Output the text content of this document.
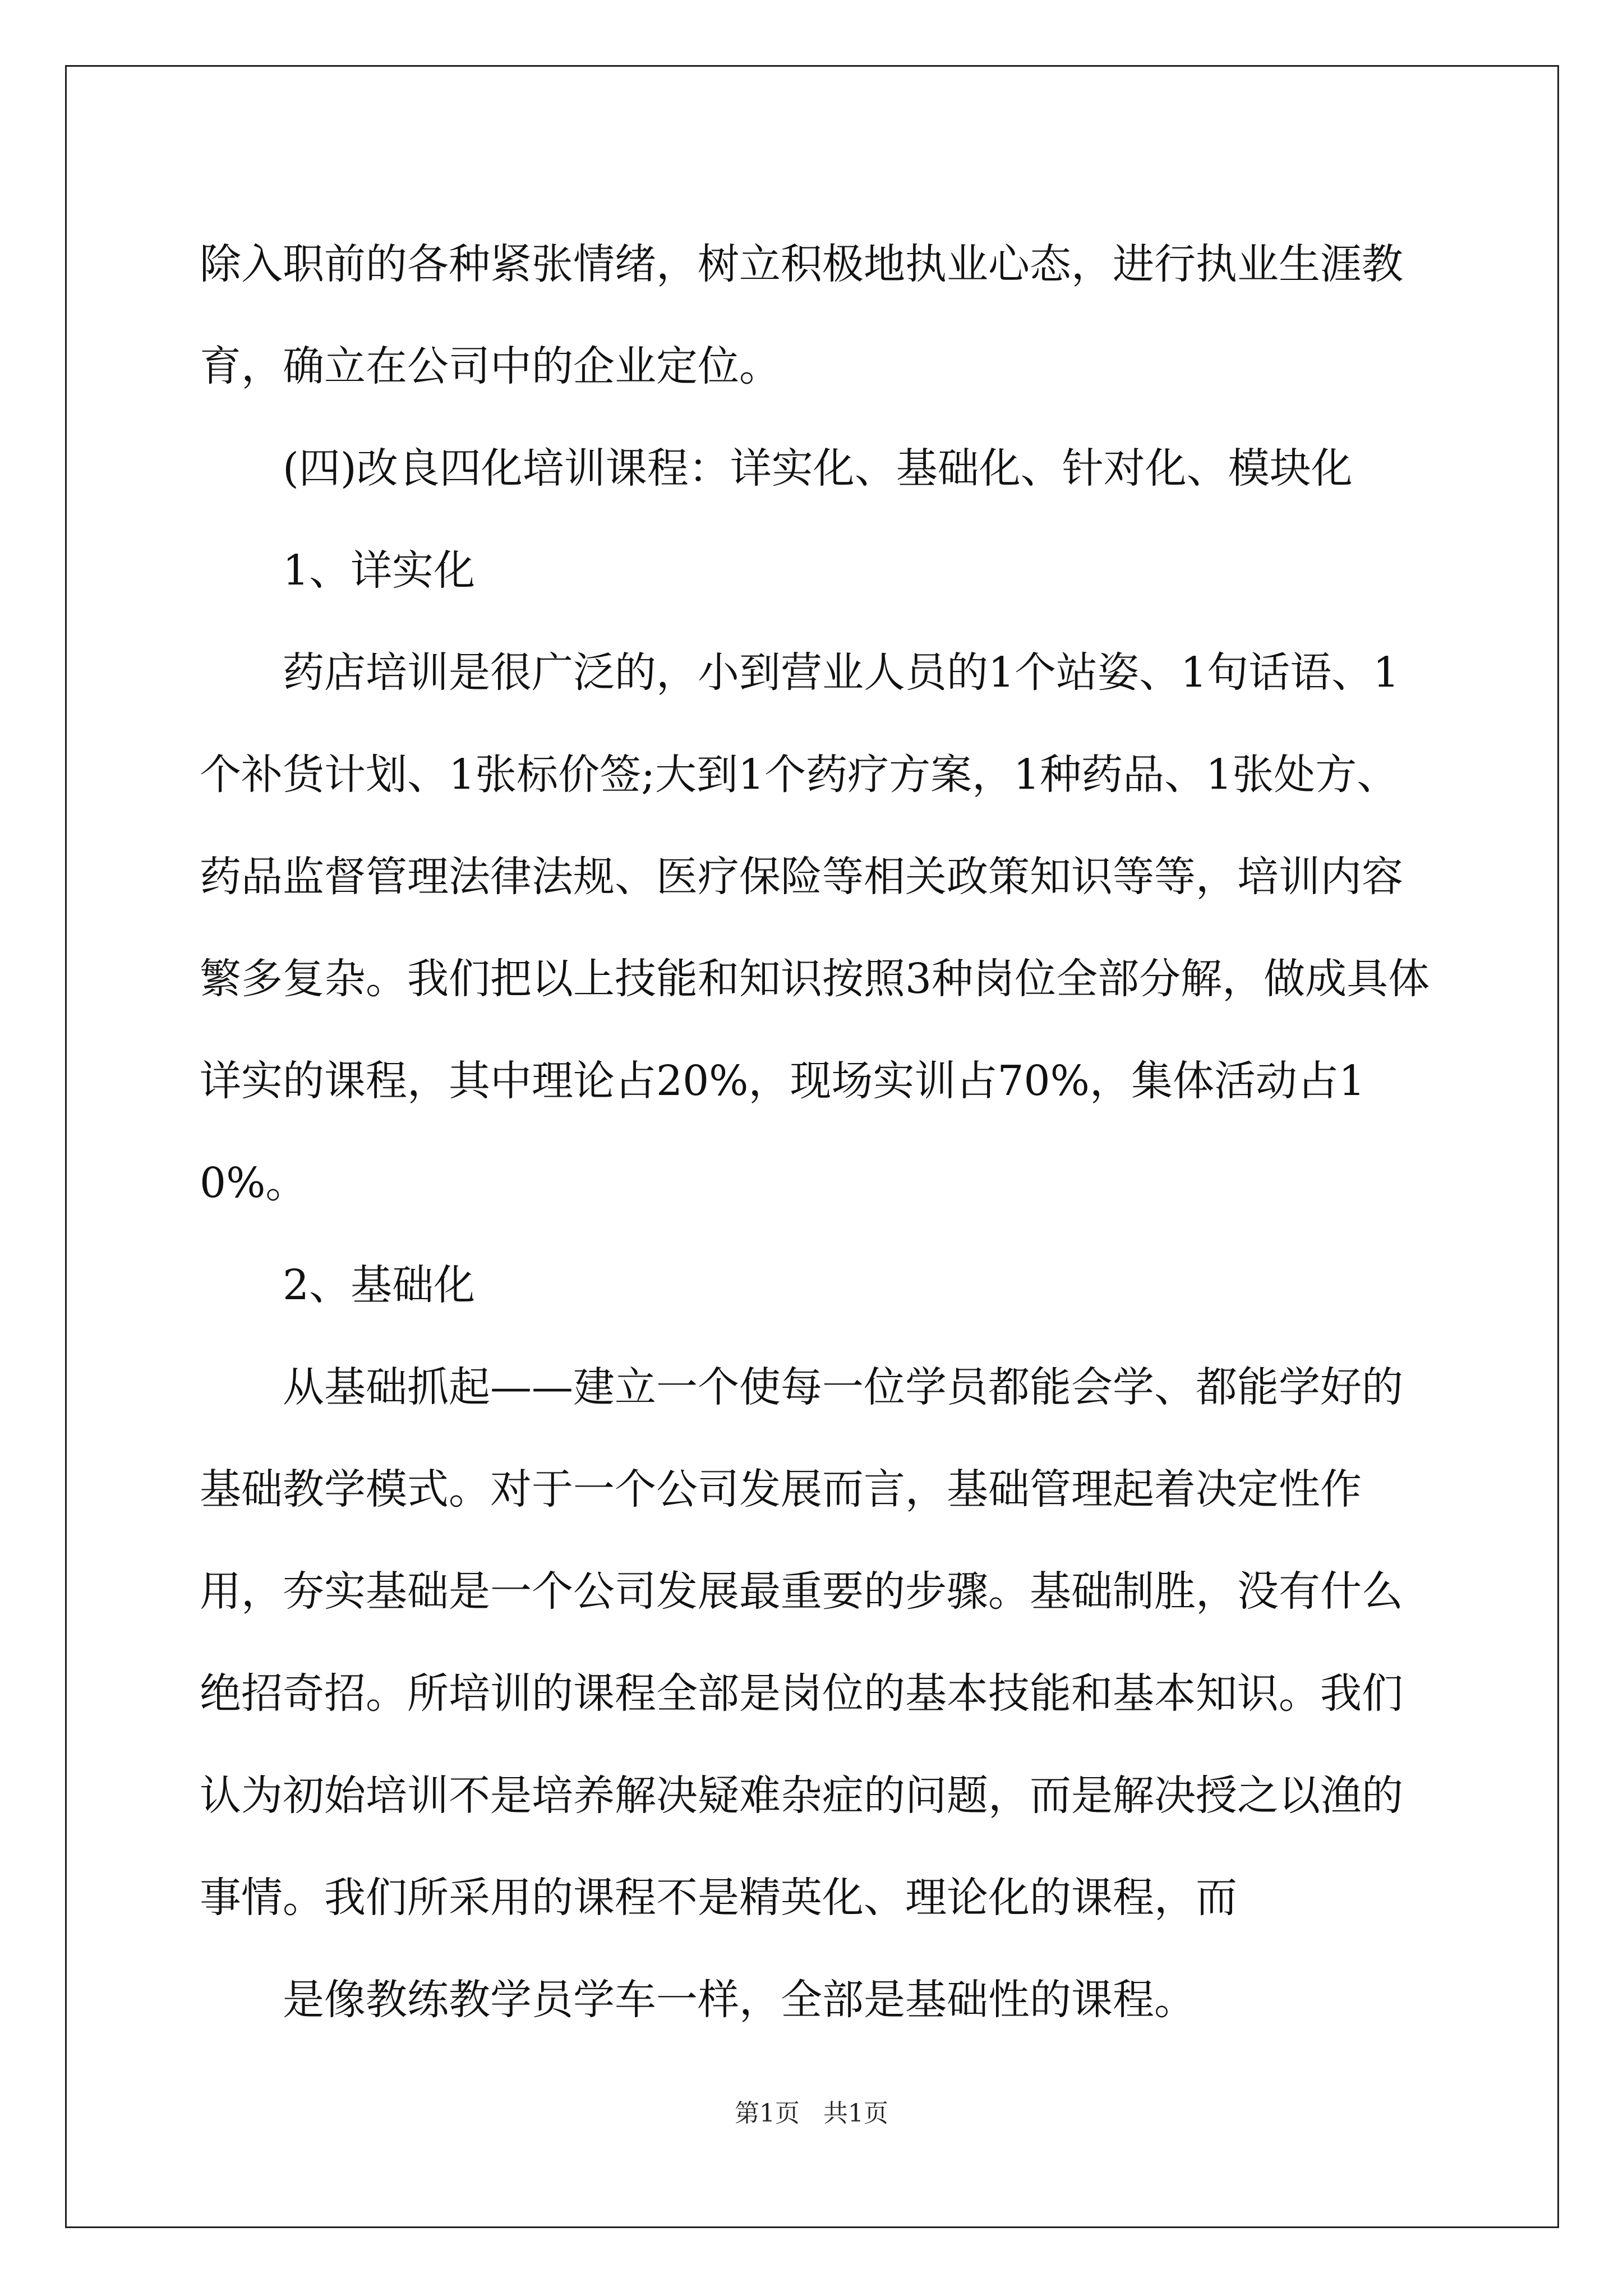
除入职前的各种紧张情绪，树立积极地执业心态，进行执业生涯教育，确立在公司中的企业定位。

(四)改良四化培训课程：详实化、基础化、针对化、模块化

1、详实化

药店培训是很广泛的，小到营业人员的1个站姿、1句话语、1个补货计划、1张标价签;大到1个药疗方案，1种药品、1张处方、药品监督管理法律法规、医疗保险等相关政策知识等等，培训内容繁多复杂。我们把以上技能和知识按照3种岗位全部分解，做成具体详实的课程，其中理论占20%，现场实训占70%，集体活动占10%。

2、基础化

从基础抓起——建立一个使每一位学员都能会学、都能学好的基础教学模式。对于一个公司发展而言，基础管理起着决定性作用，夯实基础是一个公司发展最重要的步骤。基础制胜，没有什么绝招奇招。所培训的课程全部是岗位的基本技能和基本知识。我们认为初始培训不是培养解决疑难杂症的问题，而是解决授之以渔的事情。我们所采用的课程不是精英化、理论化的课程，而

是像教练教学员学车一样，全部是基础性的课程。

第1页 共1页
